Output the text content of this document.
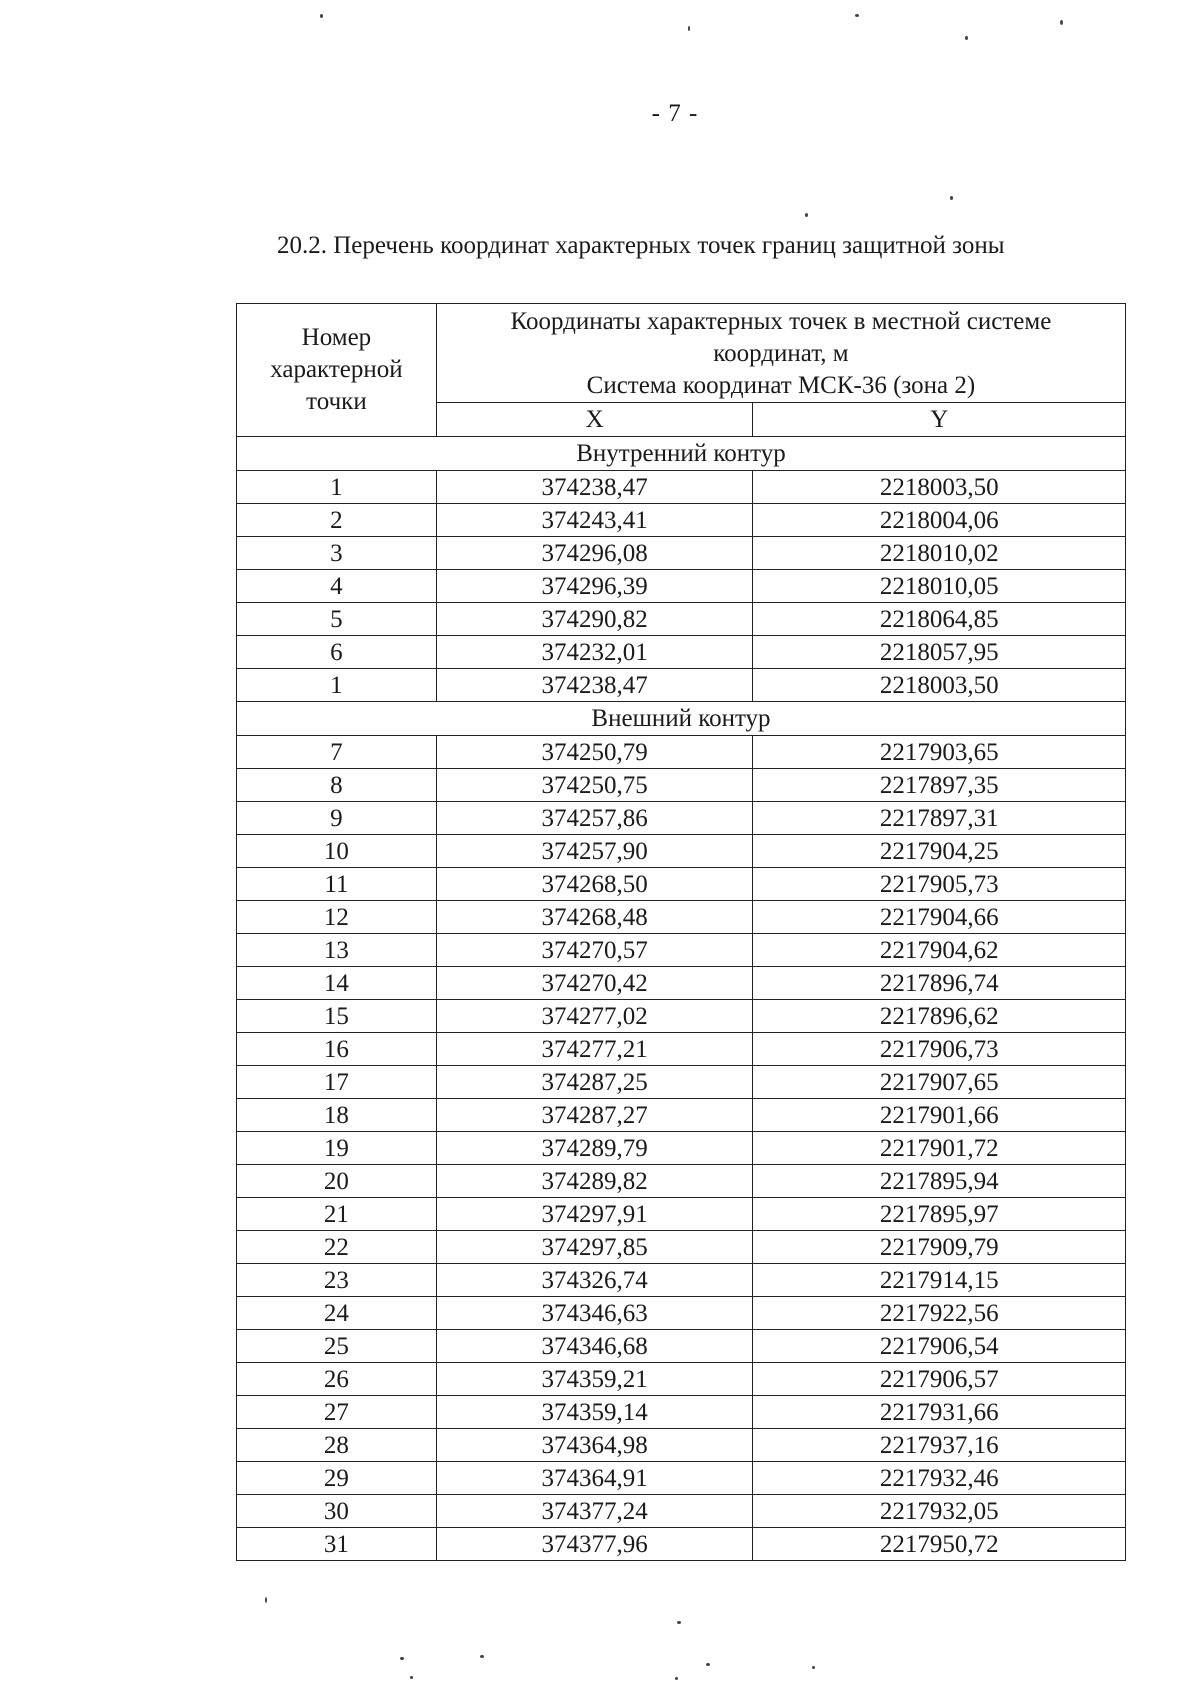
- 7 -
20.2. Перечень координат характерных точек границ защитной зоны
Номер характерной точки	Координаты характерных точек в местной системе координат, м
Система координат МСК-36 (зона 2)	

	X	Y
Внутренний контур		
1	374238,47	2218003,50
2	374243,41	2218004,06
3	374296,08	2218010,02
4	374296,39	2218010,05
5	374290,82	2218064,85
6	374232,01	2218057,95
1	374238,47	2218003,50
Внешний контур		
7	374250,79	2217903,65
8	374250,75	2217897,35
9	374257,86	2217897,31
10	374257,90	2217904,25
11	374268,50	2217905,73
12	374268,48	2217904,66
13	374270,57	2217904,62
14	374270,42	2217896,74
15	374277,02	2217896,62
16	374277,21	2217906,73
17	374287,25	2217907,65
18	374287,27	2217901,66
19	374289,79	2217901,72
20	374289,82	2217895,94
21	374297,91	2217895,97
22	374297,85	2217909,79
23	374326,74	2217914,15
24	374346,63	2217922,56
25	374346,68	2217906,54
26	374359,21	2217906,57
27	374359,14	2217931,66
28	374364,98	2217937,16
29	374364,91	2217932,46
30	374377,24	2217932,05
31	374377,96	2217950,72
